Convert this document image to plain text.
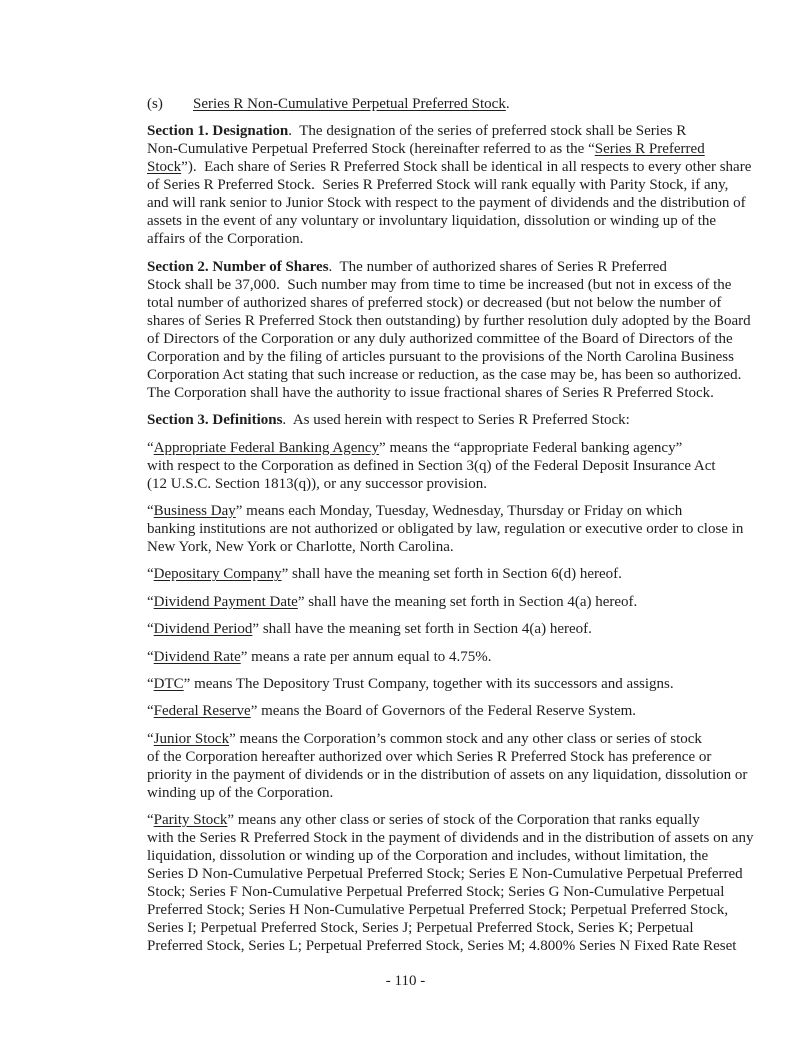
(s) Series R Non-Cumulative Perpetual Preferred Stock.

Section 1. Designation.  The designation of the series of preferred stock shall be Series R
Non-Cumulative Perpetual Preferred Stock (hereinafter referred to as the “Series R Preferred
Stock”).  Each share of Series R Preferred Stock shall be identical in all respects to every other share
of Series R Preferred Stock.  Series R Preferred Stock will rank equally with Parity Stock, if any,
and will rank senior to Junior Stock with respect to the payment of dividends and the distribution of
assets in the event of any voluntary or involuntary liquidation, dissolution or winding up of the
affairs of the Corporation.

Section 2. Number of Shares.  The number of authorized shares of Series R Preferred
Stock shall be 37,000.  Such number may from time to time be increased (but not in excess of the
total number of authorized shares of preferred stock) or decreased (but not below the number of
shares of Series R Preferred Stock then outstanding) by further resolution duly adopted by the Board
of Directors of the Corporation or any duly authorized committee of the Board of Directors of the
Corporation and by the filing of articles pursuant to the provisions of the North Carolina Business
Corporation Act stating that such increase or reduction, as the case may be, has been so authorized.
The Corporation shall have the authority to issue fractional shares of Series R Preferred Stock.

Section 3. Definitions.  As used herein with respect to Series R Preferred Stock:

“Appropriate Federal Banking Agency” means the “appropriate Federal banking agency”
with respect to the Corporation as defined in Section 3(q) of the Federal Deposit Insurance Act
(12 U.S.C. Section 1813(q)), or any successor provision.

“Business Day” means each Monday, Tuesday, Wednesday, Thursday or Friday on which
banking institutions are not authorized or obligated by law, regulation or executive order to close in
New York, New York or Charlotte, North Carolina.

“Depositary Company” shall have the meaning set forth in Section 6(d) hereof.

“Dividend Payment Date” shall have the meaning set forth in Section 4(a) hereof.

“Dividend Period” shall have the meaning set forth in Section 4(a) hereof.

“Dividend Rate” means a rate per annum equal to 4.75%.

“DTC” means The Depository Trust Company, together with its successors and assigns.

“Federal Reserve” means the Board of Governors of the Federal Reserve System.

“Junior Stock” means the Corporation’s common stock and any other class or series of stock
of the Corporation hereafter authorized over which Series R Preferred Stock has preference or
priority in the payment of dividends or in the distribution of assets on any liquidation, dissolution or
winding up of the Corporation.

“Parity Stock” means any other class or series of stock of the Corporation that ranks equally
with the Series R Preferred Stock in the payment of dividends and in the distribution of assets on any
liquidation, dissolution or winding up of the Corporation and includes, without limitation, the
Series D Non-Cumulative Perpetual Preferred Stock; Series E Non-Cumulative Perpetual Preferred
Stock; Series F Non-Cumulative Perpetual Preferred Stock; Series G Non-Cumulative Perpetual
Preferred Stock; Series H Non-Cumulative Perpetual Preferred Stock; Perpetual Preferred Stock,
Series I; Perpetual Preferred Stock, Series J; Perpetual Preferred Stock, Series K; Perpetual
Preferred Stock, Series L; Perpetual Preferred Stock, Series M; 4.800% Series N Fixed Rate Reset

- 110 -
